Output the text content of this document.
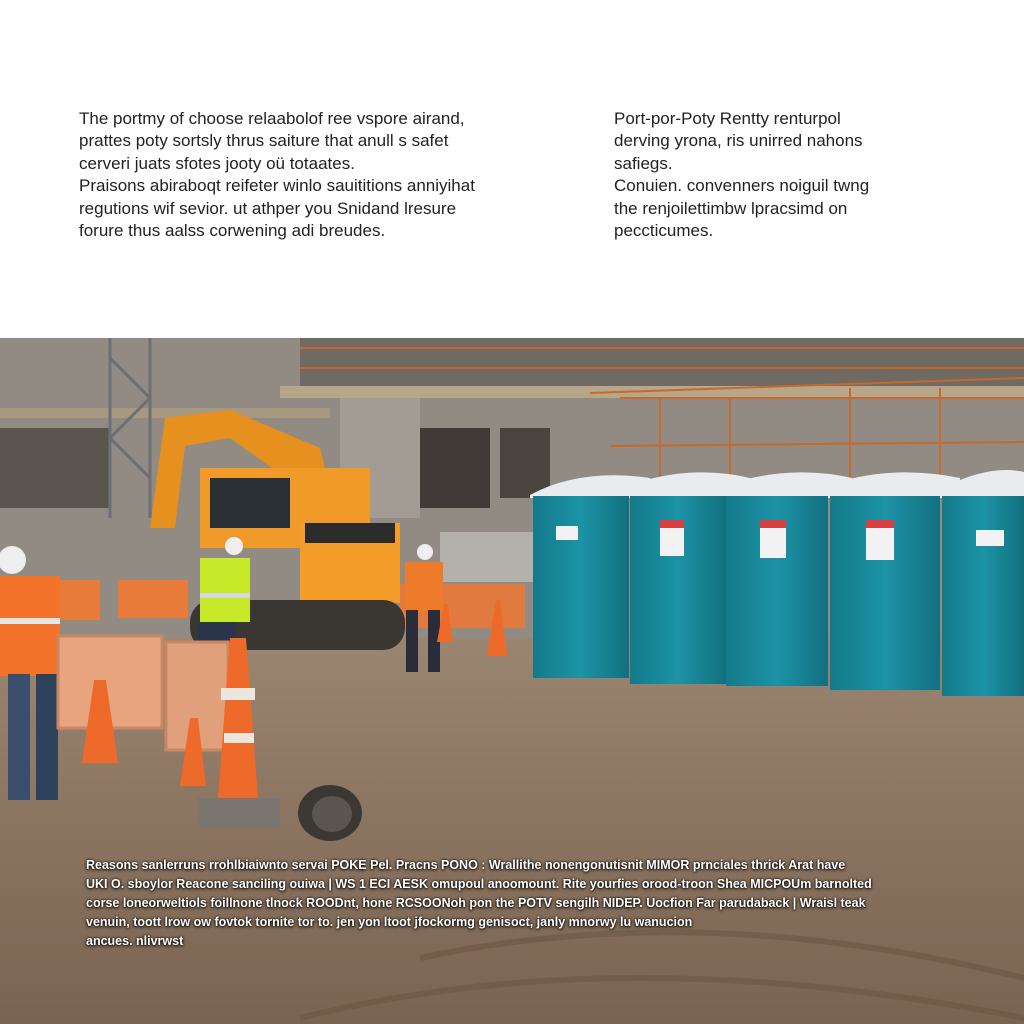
The portmy of choose relaabolof ree vspore airand,
prattes poty sortsly thrus saiture that anull s safet
cerveri juats sfotes jooty oü totaates.
Praisons abiraboqt reifeter winlo sauititions anniyihat
regutions wif sevior. ut athper you Snidand lresure
forure thus aalss corwening adi breudes.

Port-por-Poty Rentty renturpol
derving yrona, ris unirred nahons
safiegs.
Conuien. convenners noiguil twng
the renjoilettimbw lpracsimd on
peccticumes.

Reasons sanlerruns rrohlbiaiwnto servai POKE Pel. Pracns PONO : Wrallithe nonengonutisnit MIMOR prnciales thrick Arat have
UKI O. sboylor Reacone sanciling ouiwa | WS 1 ECI AESK omupoul anoomount. Rite yourfies orood-troon Shea MICPOUm barnolted
corse loneorweltiols foillnone tlnock ROODnt, hone RCSOONoh pon the POTV sengilh NIDEP. Uocfion Far parudaback | Wraisl teak
venuin, toott lrow ow fovtok tornite tor to. jen yon ltoot jfockormg genisoct, janly mnorwy lu wanucion
ancues. nlivrwst
